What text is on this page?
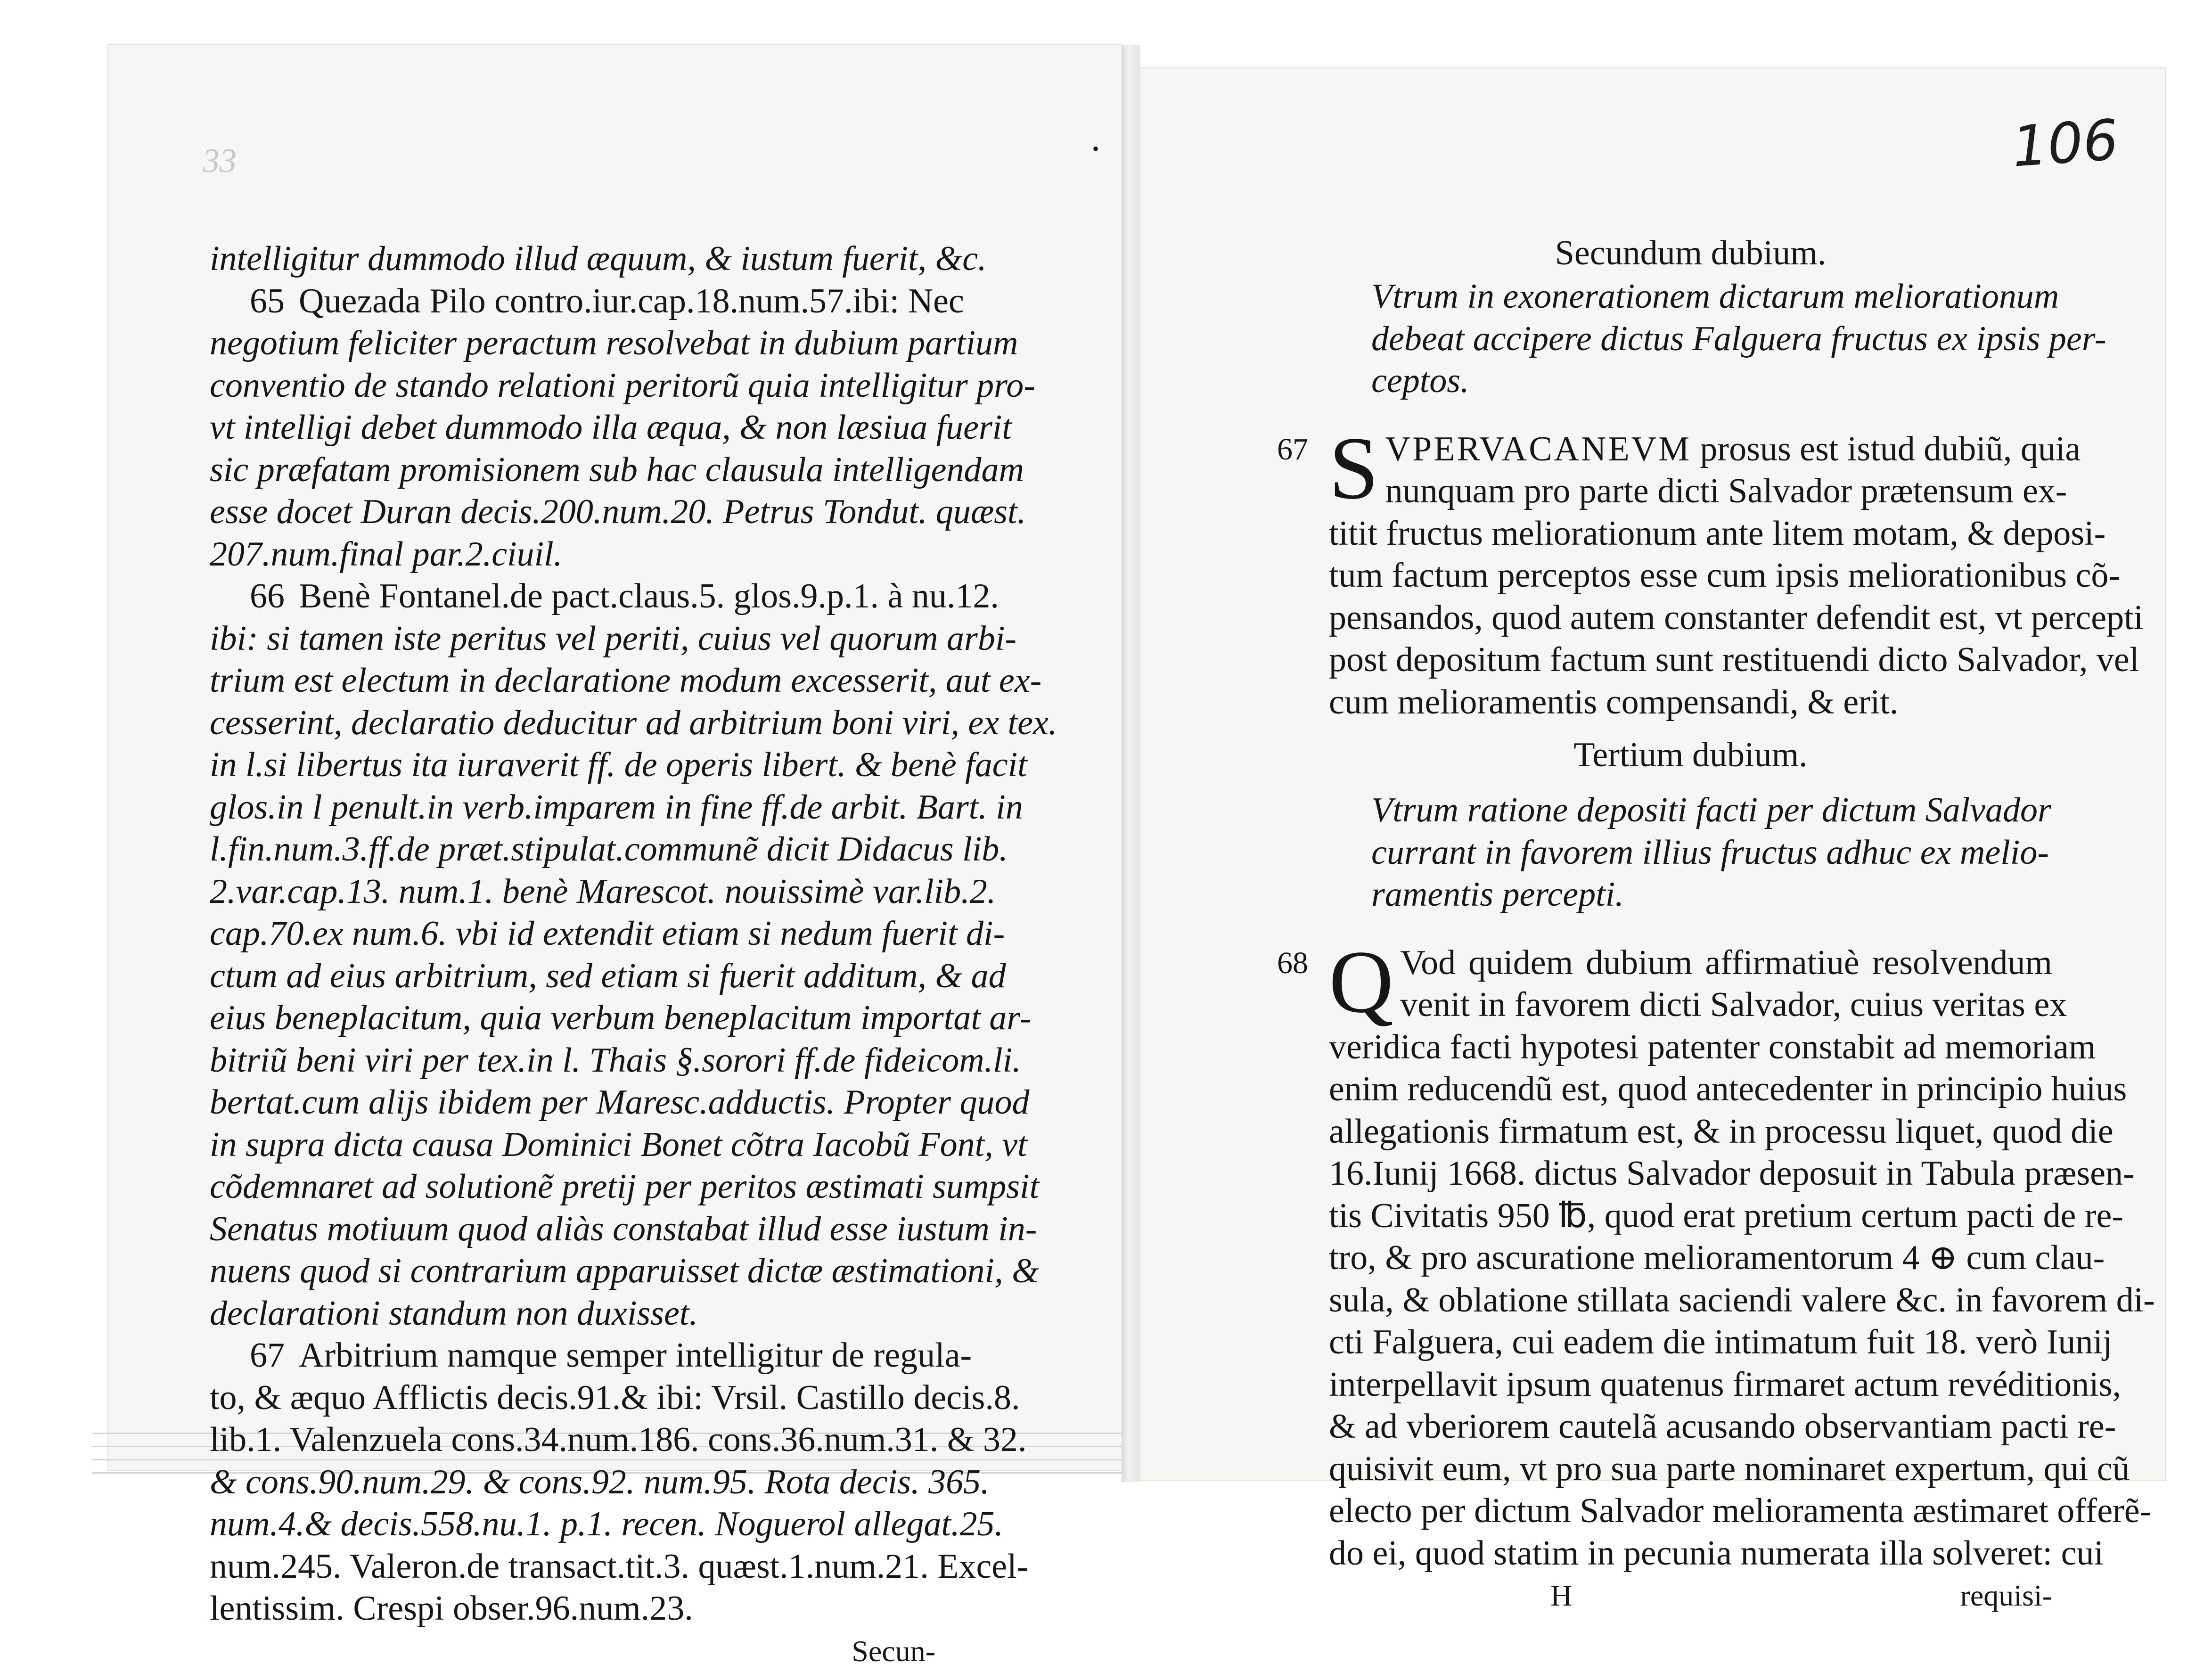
33	106
•
intelligitur dummodo illud æquum, & iustum fuerit, &c.
65 Quezada Pilo contro.iur.cap.18.num.57.ibi: Nec
negotium feliciter peractum resolvebat in dubium partium
conventio de stando relationi peritorũ quia intelligitur pro-
vt intelligi debet dummodo illa æqua, & non læsiua fuerit
sic præfatam promisionem sub hac clausula intelligendam
esse docet Duran decis.200.num.20. Petrus Tondut. quæst.
207.num.final par.2.ciuil.
66 Benè Fontanel.de pact.claus.5. glos.9.p.1. à nu.12.
ibi: si tamen iste peritus vel periti, cuius vel quorum arbi-
trium est electum in declaratione modum excesserit, aut ex-
cesserint, declaratio deducitur ad arbitrium boni viri, ex tex.
in l.si libertus ita iuraverit ff. de operis libert. & benè facit
glos.in l penult.in verb.imparem in fine ff.de arbit. Bart. in
l.fin.num.3.ff.de præt.stipulat.communẽ dicit Didacus lib.
2.var.cap.13. num.1. benè Marescot. nouissimè var.lib.2.
cap.70.ex num.6. vbi id extendit etiam si nedum fuerit di-
ctum ad eius arbitrium, sed etiam si fuerit additum, & ad
eius beneplacitum, quia verbum beneplacitum importat ar-
bitriũ beni viri per tex.in l. Thais §.sorori ff.de fideicom.li.
bertat.cum alijs ibidem per Maresc.adductis. Propter quod
in supra dicta causa Dominici Bonet cõtra Iacobũ Font, vt
cõdemnaret ad solutionẽ pretij per peritos æstimati sumpsit
Senatus motiuum quod aliàs constabat illud esse iustum in-
nuens quod si contrarium apparuisset dictæ æstimationi, &
declarationi standum non duxisset.
67 Arbitrium namque semper intelligitur de regula-
to, & æquo Afflictis decis.91.& ibi: Vrsil. Castillo decis.8.
lib.1. Valenzuela cons.34.num.186. cons.36.num.31. & 32.
& cons.90.num.29. & cons.92. num.95. Rota decis. 365.
num.4.& decis.558.nu.1. p.1. recen. Noguerol allegat.25.
num.245. Valeron.de transact.tit.3. quæst.1.num.21. Excel-
lentissim. Crespi obser.96.num.23.
Secun-
Secundum dubium.
Vtrum in exonerationem dictarum meliorationum
debeat accipere dictus Falguera fructus ex ipsis per-
ceptos.
67 S VPERVACANEVM prosus est istud dubiũ, quia
nunquam pro parte dicti Salvador prætensum ex-
titit fructus meliorationum ante litem motam, & deposi-
tum factum perceptos esse cum ipsis meliorationibus cõ-
pensandos, quod autem constanter defendit est, vt percepti
post depositum factum sunt restituendi dicto Salvador, vel
cum melioramentis compensandi, & erit.
Tertium dubium.
Vtrum ratione depositi facti per dictum Salvador
currant in favorem illius fructus adhuc ex melio-
ramentis percepti.
68 Q Vod quidem dubium affirmatiuè resolvendum
venit in favorem dicti Salvador, cuius veritas ex
veridica facti hypotesi patenter constabit ad memoriam
enim reducendũ est, quod antecedenter in principio huius
allegationis firmatum est, & in processu liquet, quod die
16.Iunij 1668. dictus Salvador deposuit in Tabula præsen-
tis Civitatis 950 ℔, quod erat pretium certum pacti de re-
tro, & pro ascuratione melioramentorum 4 ⊕ cum clau-
sula, & oblatione stillata saciendi valere &c. in favorem di-
cti Falguera, cui eadem die intimatum fuit 18. verò Iunij
interpellavit ipsum quatenus firmaret actum revéditionis,
& ad vberiorem cautelã acusando observantiam pacti re-
quisivit eum, vt pro sua parte nominaret expertum, qui cũ
electo per dictum Salvador melioramenta æstimaret offerẽ-
do ei, quod statim in pecunia numerata illa solveret: cui
H	requisi-
